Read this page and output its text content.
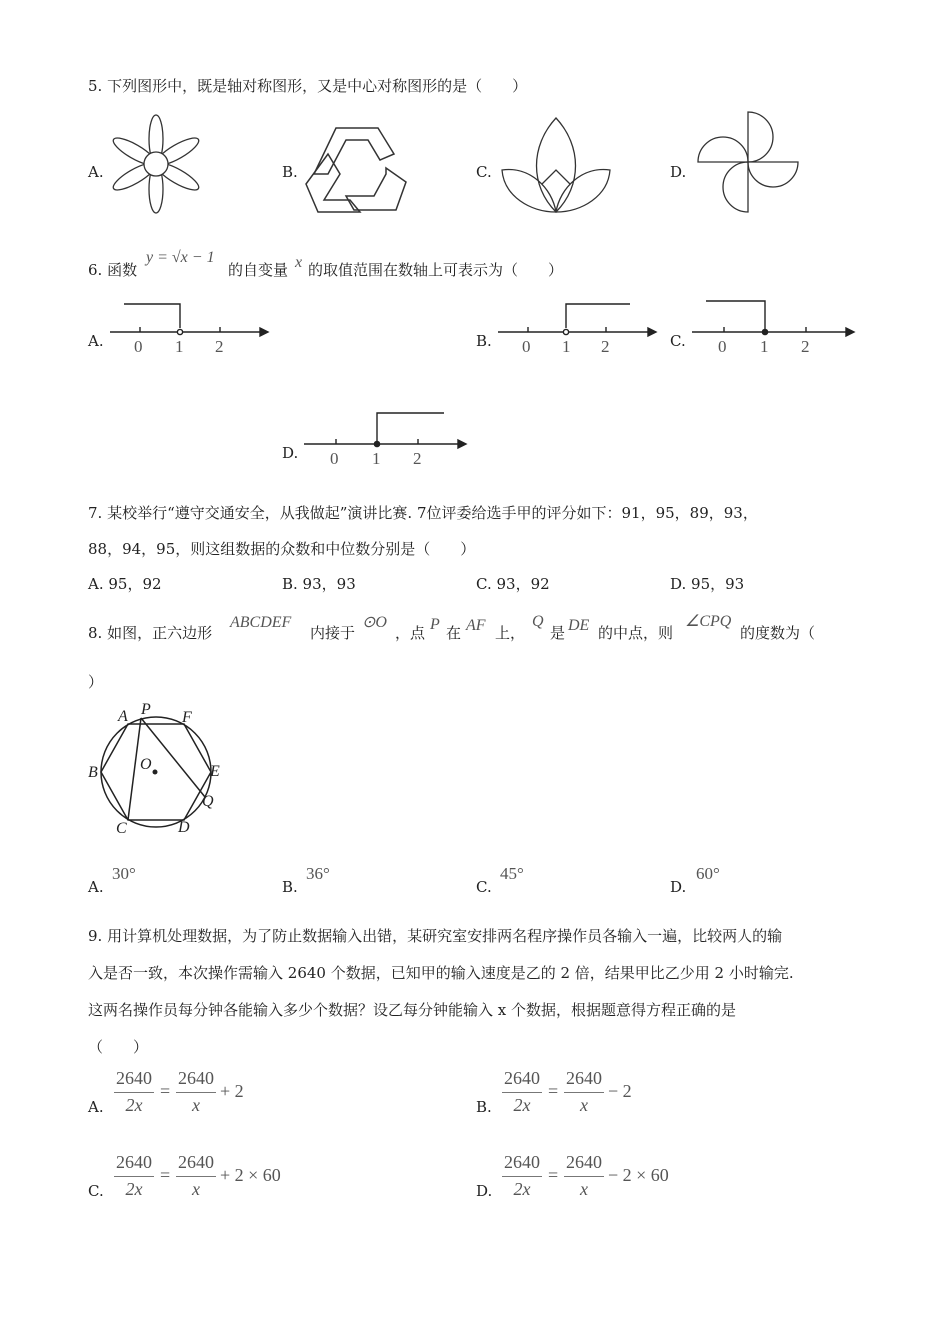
5. 下列图形中，既是轴对称图形，又是中心对称图形的是（　　）
A.	B.	C.	D.
6. 函数
y = √x − 1
的自变量 x 的取值范围在数轴上可表示为（　　）
A. 0 1 2	B. 0 1 2	C. 0 1 2
D. 0 1 2
7. 某校举行“遵守交通安全，从我做起”演讲比赛. 7位评委给选手甲的评分如下：91，95，89，93，
88，94，95，则这组数据的众数和中位数分别是（　　）
A. 95，92	B. 93，93	C. 93，92	D. 95，93
8. 如图，正六边形
ABCDEF
内接于
⊙O
，点 P 在 AF 上，
Q
是 DE 的中点，则
∠CPQ
的度数为（
）
A P F
B	O	E
Q
C	D
A.
30°
B.
36°
C.
45°
D.
60°
9. 用计算机处理数据，为了防止数据输入出错，某研究室安排两名程序操作员各输入一遍，比较两人的输
入是否一致，本次操作需输入 2640 个数据，已知甲的输入速度是乙的 2 倍，结果甲比乙少用 2 小时输完.
这两名操作员每分钟各能输入多少个数据？设乙每分钟能输入 x 个数据，根据题意得方程正确的是
（　　）
A.
2640
2x
=
2640
x
+ 2
B.
2640
2x
=
2640
x
− 2
C.
2640
2x
=
2640
x
+ 2 × 60
D.
2640
2x
=
2640
x
− 2 × 60
